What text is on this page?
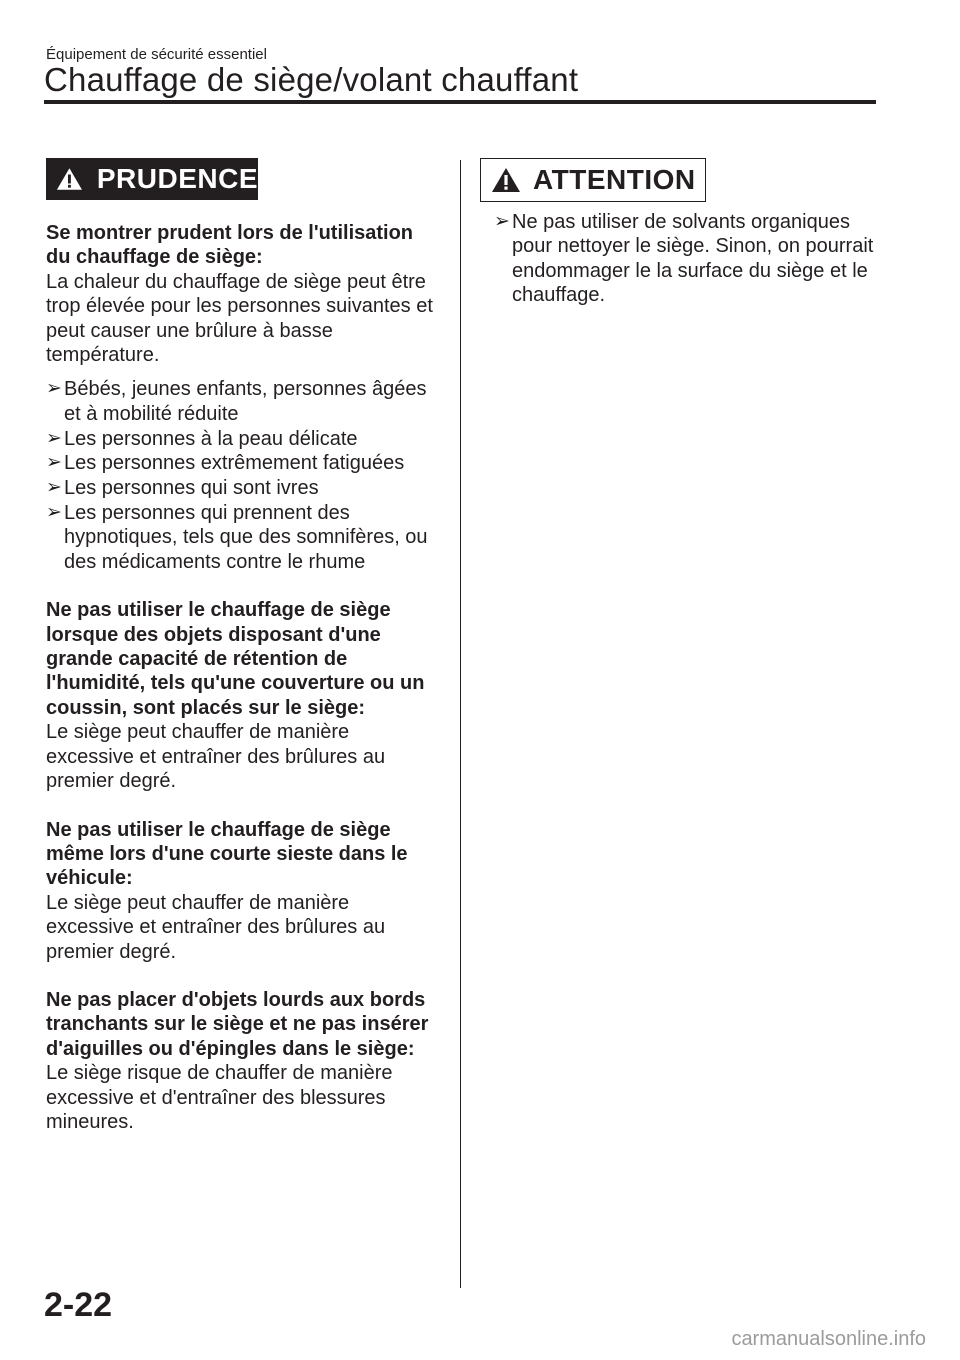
Équipement de sécurité essentiel
Chauffage de siège/volant chauffant
PRUDENCE	ATTENTION

Se montrer prudent lors de l'utilisation du chauffage de siège:

La chaleur du chauffage de siège peut être trop élevée pour les personnes suivantes et peut causer une brûlure à basse température.

➢ Bébés, jeunes enfants, personnes âgées et à mobilité réduite
➢ Les personnes à la peau délicate
➢ Les personnes extrêmement fatiguées
➢ Les personnes qui sont ivres
➢ Les personnes qui prennent des hypnotiques, tels que des somnifères, ou des médicaments contre le rhume

Ne pas utiliser le chauffage de siège lorsque des objets disposant d'une grande capacité de rétention de l'humidité, tels qu'une couverture ou un coussin, sont placés sur le siège:

Le siège peut chauffer de manière excessive et entraîner des brûlures au premier degré.

Ne pas utiliser le chauffage de siège même lors d'une courte sieste dans le véhicule:

Le siège peut chauffer de manière excessive et entraîner des brûlures au premier degré.

Ne pas placer d'objets lourds aux bords tranchants sur le siège et ne pas insérer d'aiguilles ou d'épingles dans le siège:

Le siège risque de chauffer de manière excessive et d'entraîner des blessures mineures.

➢ Ne pas utiliser de solvants organiques pour nettoyer le siège. Sinon, on pourrait endommager le la surface du siège et le chauffage.
2-22
carmanualsonline.info
